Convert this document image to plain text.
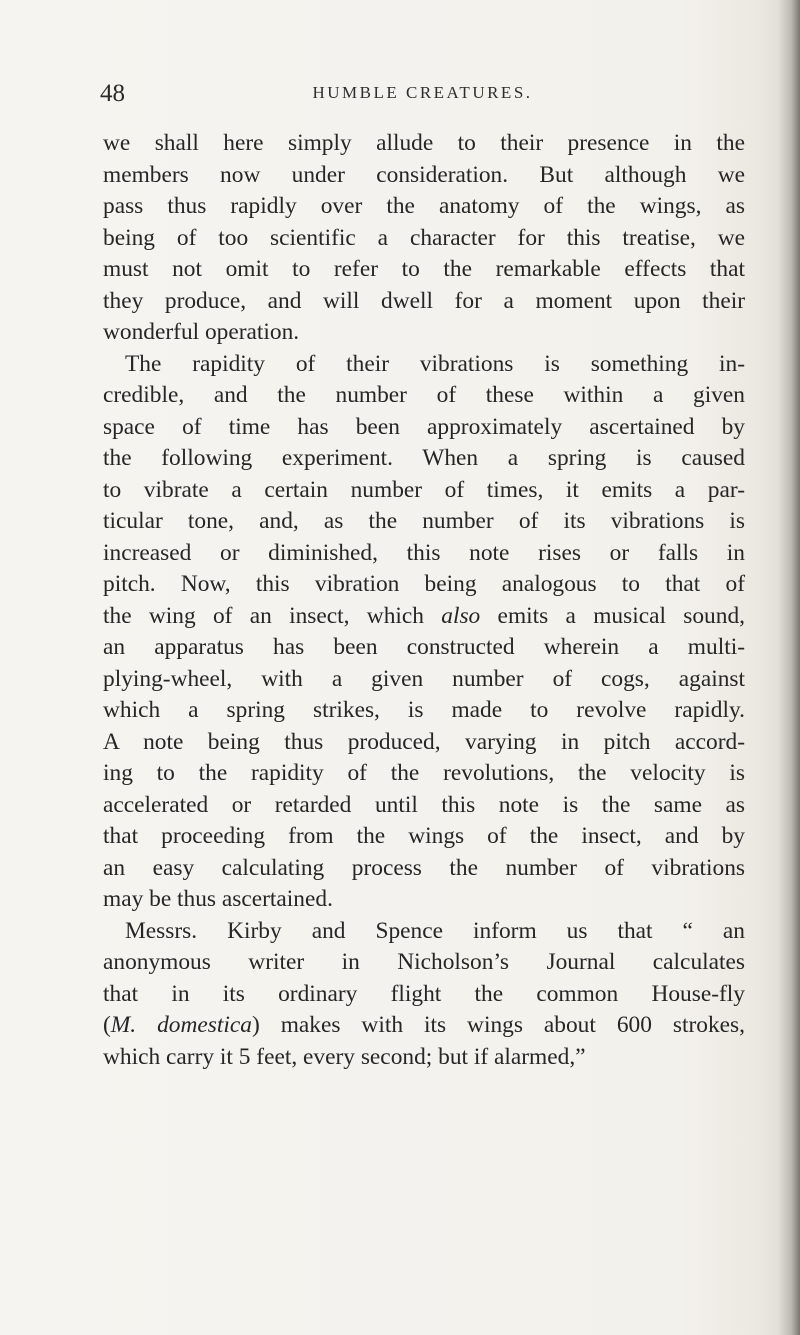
48	HUMBLE CREATURES.
we shall here simply allude to their presence in the
members now under consideration. But although we
pass thus rapidly over the anatomy of the wings, as
being of too scientific a character for this treatise, we
must not omit to refer to the remarkable effects that
they produce, and will dwell for a moment upon their
wonderful operation.
The rapidity of their vibrations is something in-
credible, and the number of these within a given
space of time has been approximately ascertained by
the following experiment. When a spring is caused
to vibrate a certain number of times, it emits a par-
ticular tone, and, as the number of its vibrations is
increased or diminished, this note rises or falls in
pitch. Now, this vibration being analogous to that of
the wing of an insect, which also emits a musical sound,
an apparatus has been constructed wherein a multi-
plying-wheel, with a given number of cogs, against
which a spring strikes, is made to revolve rapidly.
A note being thus produced, varying in pitch accord-
ing to the rapidity of the revolutions, the velocity is
accelerated or retarded until this note is the same as
that proceeding from the wings of the insect, and by
an easy calculating process the number of vibrations
may be thus ascertained.
Messrs. Kirby and Spence inform us that “ an
anonymous writer in Nicholson’s Journal calculates
that in its ordinary flight the common House-fly
(M. domestica) makes with its wings about 600 strokes,
which carry it 5 feet, every second; but if alarmed,”
